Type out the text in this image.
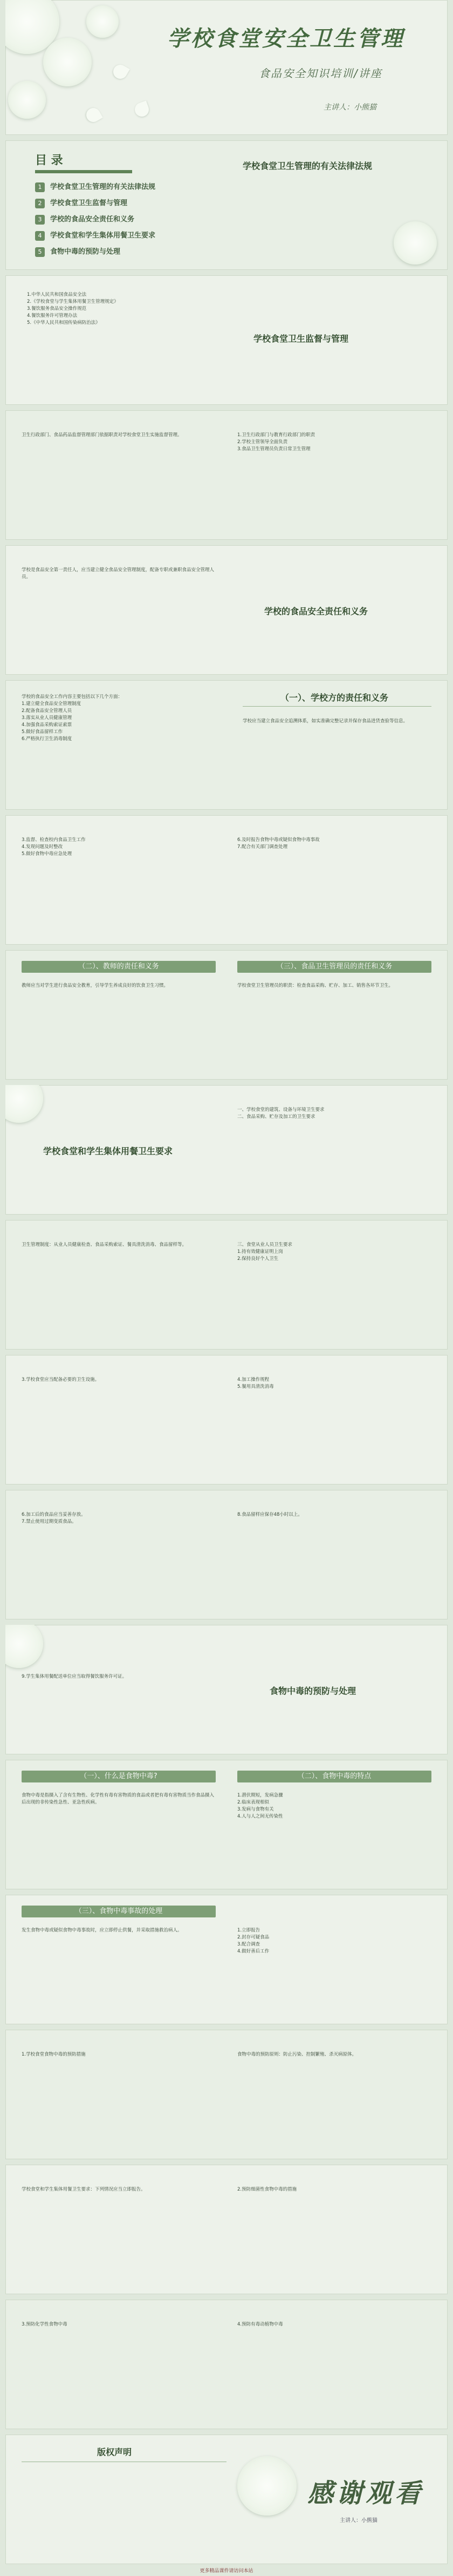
学校食堂安全卫生管理
食品安全知识培训/讲座
主讲人：小熊猫
目 录
1 学校食堂卫生管理的有关法律法规
2 学校食堂卫生监督与管理
3 学校的食品安全责任和义务
4 学校食堂和学生集体用餐卫生要求
5 食物中毒的预防与处理
学校食堂卫生管理的有关法律法规
1.中华人民共和国食品安全法
2.《学校食堂与学生集体用餐卫生管理规定》
3.餐饮服务食品安全操作规范
4.餐饮服务许可管理办法
5.《中华人民共和国传染病防治法》
学校食堂卫生监督与管理
卫生行政部门、食品药品监督管理部门依据职责对学校食堂卫生实施监督管理。	1.卫生行政部门与教育行政部门的职责
2.学校主管领导全面负责
3.食品卫生管理员负责日常卫生管理
学校是食品安全第一责任人，应当建立健全食品安全管理制度，配备专职或兼职食品安全管理人员。
学校的食品安全责任和义务
学校的食品安全工作内容主要包括以下几个方面：
1.建立健全食品安全管理制度
2.配备食品安全管理人员
3.落实从业人员健康管理
4.加强食品采购索证索票
5.做好食品留样工作
6.严格执行卫生消毒制度
（一）、学校方的责任和义务
学校应当建立食品安全追溯体系，如实准确完整记录并保存食品进货查验等信息。
3.监督、检查校内食品卫生工作
4.发现问题及时整改
5.做好食物中毒应急处理
6.及时报告食物中毒或疑似食物中毒事故
7.配合有关部门调查处理
（二）、教师的责任和义务	（三）、食品卫生管理员的责任和义务
教师应当对学生进行食品安全教育，引导学生养成良好的饮食卫生习惯。	学校食堂卫生管理员的职责：检查食品采购、贮存、加工、销售各环节卫生。
学校食堂和学生集体用餐卫生要求
一、学校食堂的建筑、设备与环境卫生要求
二、食品采购、贮存及加工的卫生要求
卫生管理制度：从业人员健康检查、食品采购索证、餐具清洗消毒、食品留样等。	三、食堂从业人员卫生要求
1.持有效健康证明上岗
2.保持良好个人卫生
3.学校食堂应当配备必要的卫生设施。	4.加工操作规程
5.餐用具清洗消毒
6.加工后的食品应当妥善存放。
7.禁止使用过期变质食品。
8.食品留样应保存48小时以上。
9.学生集体用餐配送单位应当取得餐饮服务许可证。
食物中毒的预防与处理
（一）、什么是食物中毒?	（二）、食物中毒的特点
食物中毒是指摄入了含有生物性、化学性有毒有害物质的食品或者把有毒有害物质当作食品摄入后出现的非传染性急性、亚急性疾病。
1.潜伏期短，发病急骤
2.临床表现相似
3.发病与食物有关
4.人与人之间无传染性
（三）、食物中毒事故的处理
发生食物中毒或疑似食物中毒事故时，应立即停止供餐，并采取措施救治病人。	1.立即报告
2.封存可疑食品
3.配合调查
4.做好善后工作
1.学校食堂食物中毒的预防措施	食物中毒的预防原则：防止污染、控制繁殖、杀灭病原体。
学校食堂和学生集体用餐卫生要求：下列情况应当立即报告。	2.预防细菌性食物中毒的措施
3.预防化学性食物中毒	4.预防有毒动植物中毒
版权声明
感谢观看
主讲人：小熊猫
更多精品课件请访问本站
